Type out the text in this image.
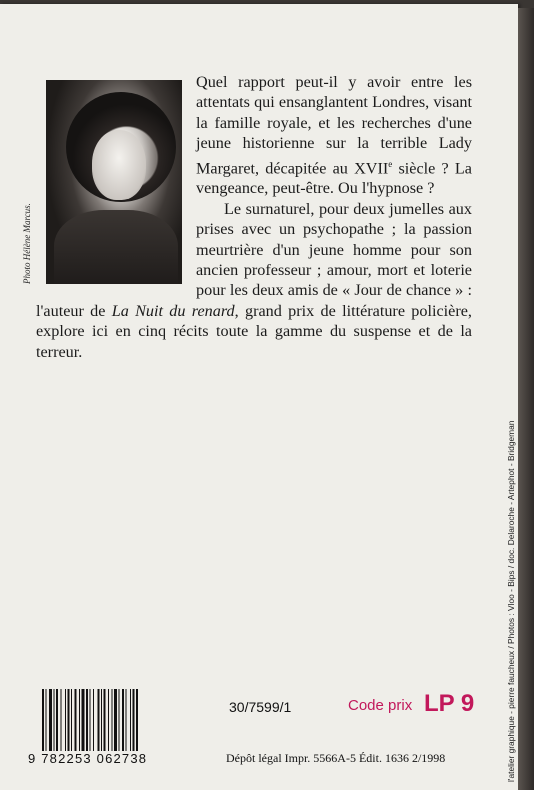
Photo Hélène Marcus.

Quel rapport peut-il y avoir entre les attentats qui ensanglantent Londres, visant la famille royale, et les recherches d'une jeune historienne sur la terrible Lady Margaret, décapitée au XVIIe siècle ? La vengeance, peut-être. Ou l'hypnose ?

Le surnaturel, pour deux jumelles aux prises avec un psychopathe ; la passion meurtrière d'un jeune homme pour son ancien professeur ; amour, mort et loterie pour les deux amis de « Jour de chance » : l'auteur de La Nuit du renard, grand prix de littérature policière, explore ici en cinq récits toute la gamme du suspense et de la terreur.

l'atelier graphique - pierre faucheux / Photos : Vloo - Bips / doc. Delaroche - Artephot - Bridgeman
9 782253 062738
30/7599/1	Code prix LP 9
Dépôt légal Impr. 5566A-5 Édit. 1636 2/1998
